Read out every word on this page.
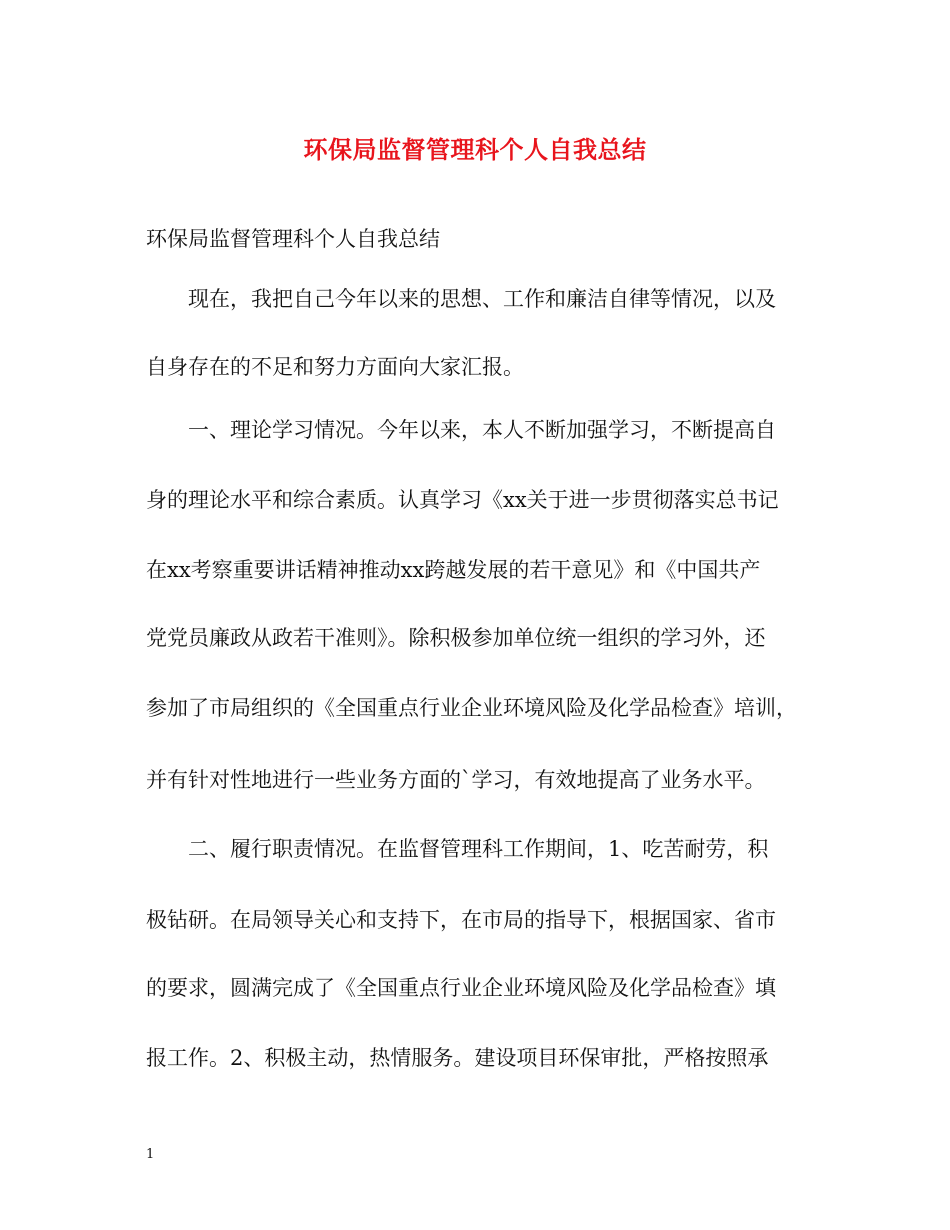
环保局监督管理科个人自我总结

环保局监督管理科个人自我总结

　　现在，我把自己今年以来的思想、工作和廉洁自律等情况，以及

自身存在的不足和努力方面向大家汇报。

　　一、理论学习情况。今年以来，本人不断加强学习，不断提高自

身的理论水平和综合素质。认真学习《xx关于进一步贯彻落实总书记

在xx考察重要讲话精神推动xx跨越发展的若干意见》和《中国共产

党党员廉政从政若干准则》。除积极参加单位统一组织的学习外，还

参加了市局组织的《全国重点行业企业环境风险及化学品检查》培训，

并有针对性地进行一些业务方面的`学习，有效地提高了业务水平。

　　二、履行职责情况。在监督管理科工作期间，1、吃苦耐劳，积

极钻研。在局领导关心和支持下，在市局的指导下，根据国家、省市

的要求，圆满完成了《全国重点行业企业环境风险及化学品检查》填

报工作。2、积极主动，热情服务。建设项目环保审批，严格按照承

1
